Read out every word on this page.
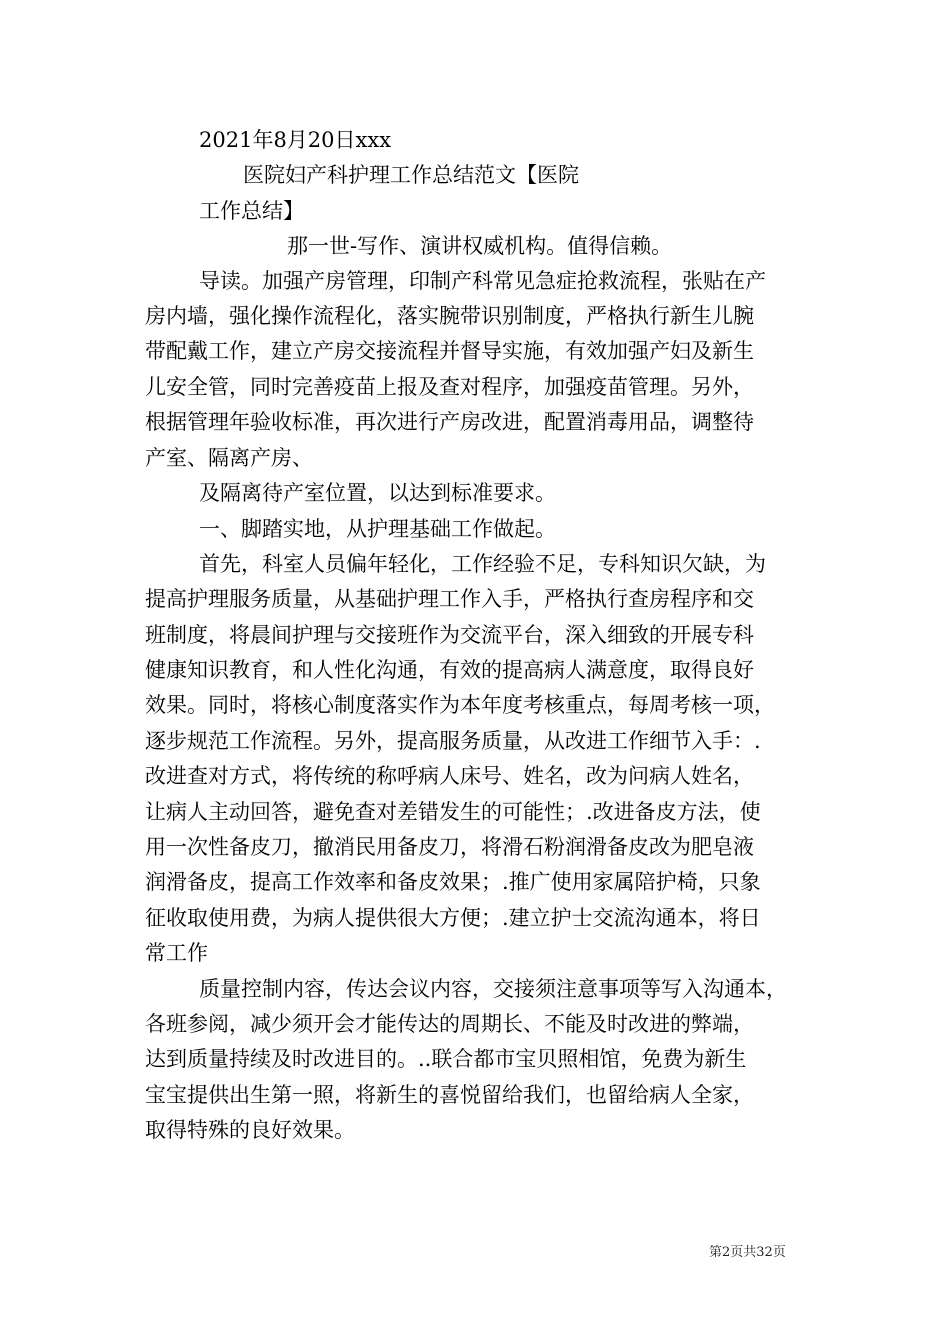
2021年8月20日xxx
医院妇产科护理工作总结范文【医院
工作总结】
那一世-写作、演讲权威机构。值得信赖。
导读。加强产房管理，印制产科常见急症抢救流程，张贴在产
房内墙，强化操作流程化，落实腕带识别制度，严格执行新生儿腕
带配戴工作，建立产房交接流程并督导实施，有效加强产妇及新生
儿安全管，同时完善疫苗上报及查对程序，加强疫苗管理。另外，
根据管理年验收标准，再次进行产房改进，配置消毒用品，调整待
产室、隔离产房、
及隔离待产室位置，以达到标准要求。
一、脚踏实地，从护理基础工作做起。
首先，科室人员偏年轻化，工作经验不足，专科知识欠缺，为
提高护理服务质量，从基础护理工作入手，严格执行查房程序和交
班制度，将晨间护理与交接班作为交流平台，深入细致的开展专科
健康知识教育，和人性化沟通，有效的提高病人满意度，取得良好
效果。同时，将核心制度落实作为本年度考核重点，每周考核一项，
逐步规范工作流程。另外，提高服务质量，从改进工作细节入手：.
改进查对方式，将传统的称呼病人床号、姓名，改为问病人姓名，
让病人主动回答，避免查对差错发生的可能性；.改进备皮方法，使
用一次性备皮刀，撤消民用备皮刀，将滑石粉润滑备皮改为肥皂液
润滑备皮，提高工作效率和备皮效果；.推广使用家属陪护椅，只象
征收取使用费，为病人提供很大方便；.建立护士交流沟通本，将日
常工作
质量控制内容，传达会议内容，交接须注意事项等写入沟通本，
各班参阅，减少须开会才能传达的周期长、不能及时改进的弊端，
达到质量持续及时改进目的。..联合都市宝贝照相馆，免费为新生
宝宝提供出生第一照，将新生的喜悦留给我们，也留给病人全家，
取得特殊的良好效果。
第2页共32页
